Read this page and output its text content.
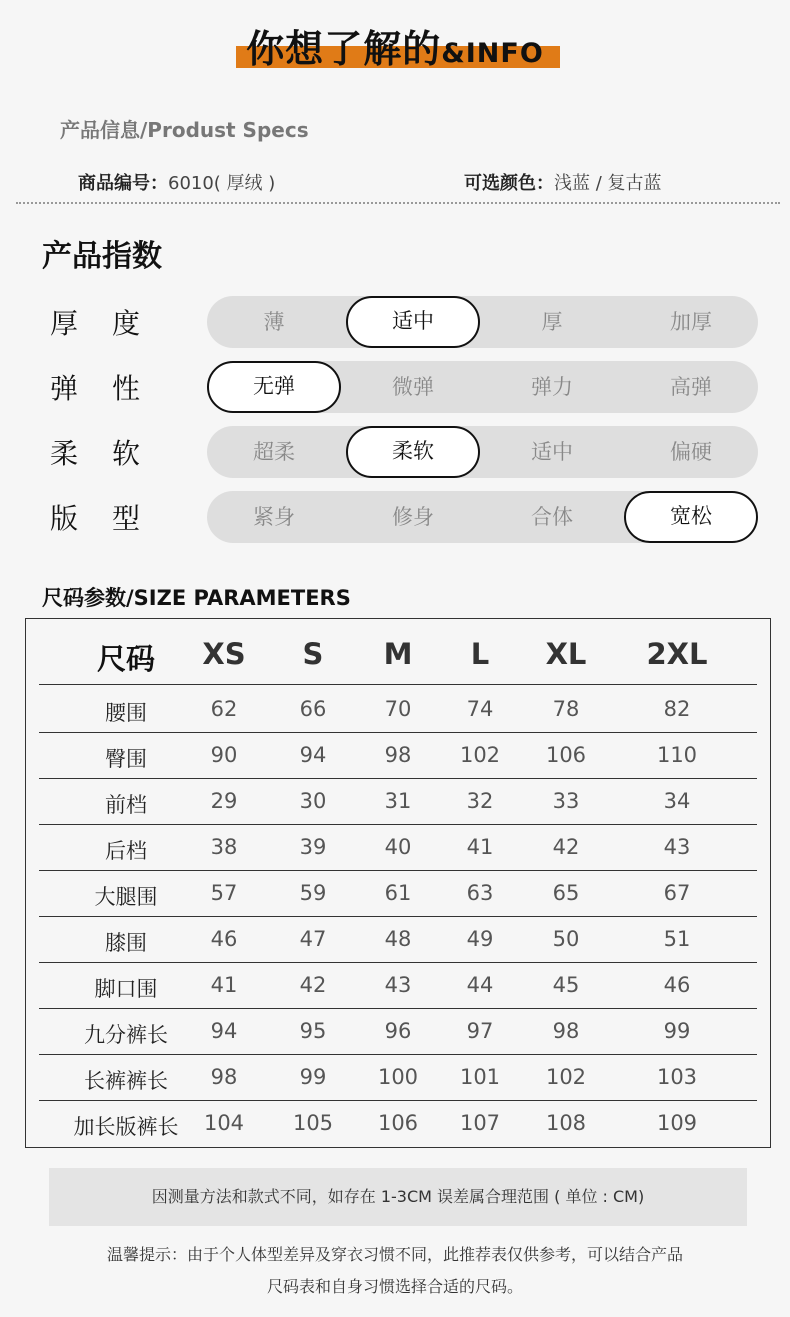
你想了解的&INFO
产品信息/Produst Specs
商品编号：6010( 厚绒 )	可选颜色：浅蓝 / 复古蓝
产品指数
厚度	薄	适中	厚	加厚
弹性	无弹	微弹	弹力	高弹
柔软	超柔	柔软	适中	偏硬
版型	紧身	修身	合体	宽松
尺码参数/SIZE PARAMETERS
尺码	XS	S	M	L	XL	2XL
腰围	62	66	70	74	78	82
臀围	90	94	98	102	106	110
前档	29	30	31	32	33	34
后档	38	39	40	41	42	43
大腿围	57	59	61	63	65	67
膝围	46	47	48	49	50	51
脚口围	41	42	43	44	45	46
九分裤长	94	95	96	97	98	99
长裤裤长	98	99	100	101	102	103
加长版裤长	104	105	106	107	108	109
因测量方法和款式不同，如存在 1-3CM 误差属合理范围 ( 单位 : CM)
温馨提示：由于个人体型差异及穿衣习惯不同，此推荐表仅供参考，可以结合产品
尺码表和自身习惯选择合适的尺码。
